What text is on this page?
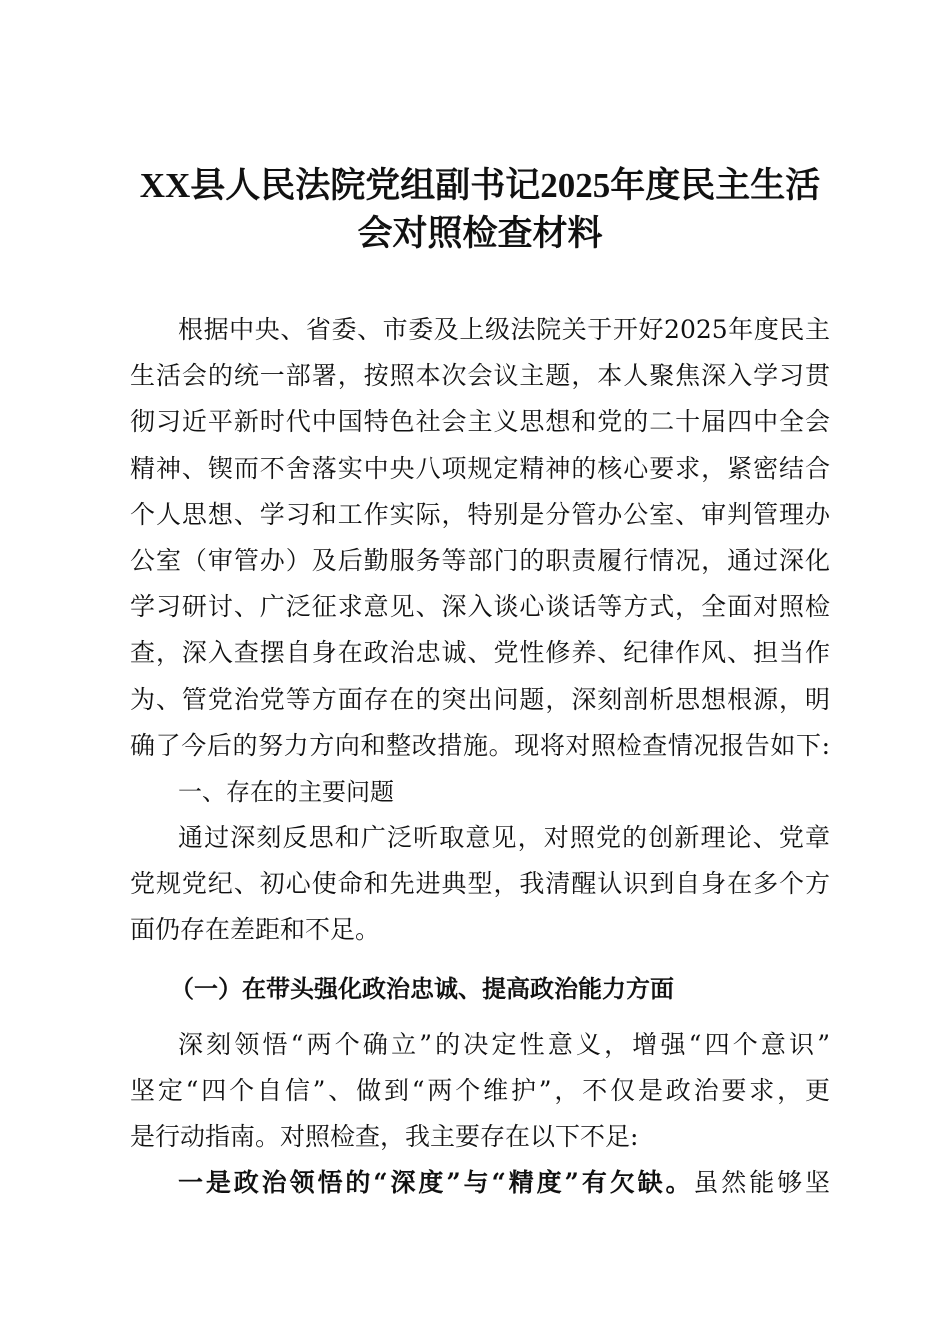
XX县人民法院党组副书记2025年度民主生活
会对照检查材料
根据中央、省委、市委及上级法院关于开好2025年度民主
生活会的统一部署，按照本次会议主题，本人聚焦深入学习贯
彻习近平新时代中国特色社会主义思想和党的二十届四中全会
精神、锲而不舍落实中央八项规定精神的核心要求，紧密结合
个人思想、学习和工作实际，特别是分管办公室、审判管理办
公室（审管办）及后勤服务等部门的职责履行情况，通过深化
学习研讨、广泛征求意见、深入谈心谈话等方式，全面对照检
查，深入查摆自身在政治忠诚、党性修养、纪律作风、担当作
为、管党治党等方面存在的突出问题，深刻剖析思想根源，明
确了今后的努力方向和整改措施。现将对照检查情况报告如下:
一、存在的主要问题
通过深刻反思和广泛听取意见，对照党的创新理论、党章
党规党纪、初心使命和先进典型，我清醒认识到自身在多个方
面仍存在差距和不足。
（一）在带头强化政治忠诚、提高政治能力方面
深刻领悟“两个确立”的决定性意义，增强“四个意识”
坚定“四个自信”、做到“两个维护”，不仅是政治要求，更
是行动指南。对照检查，我主要存在以下不足:
一是政治领悟的“深度”与“精度”有欠缺。虽然能够坚
